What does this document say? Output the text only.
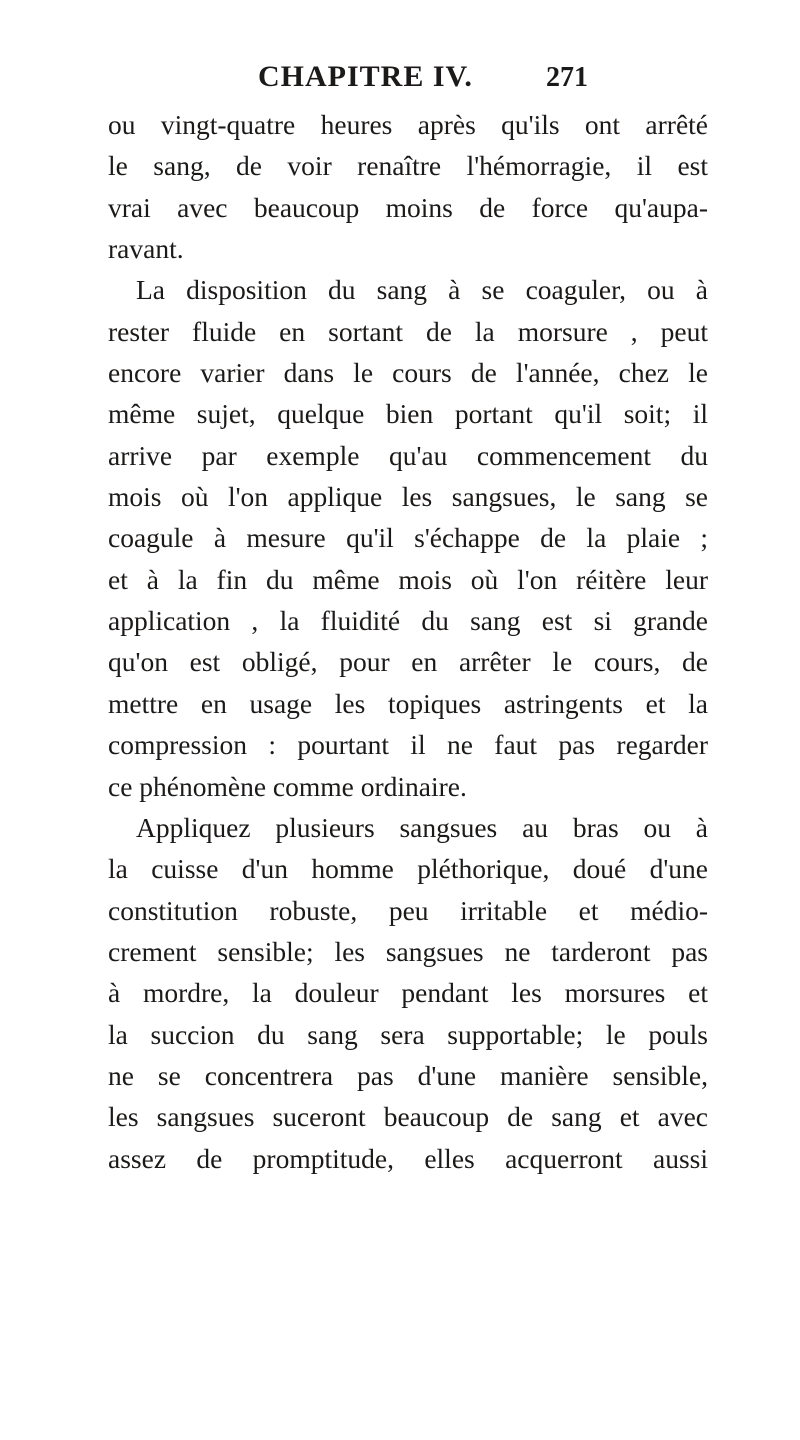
CHAPITRE IV.	271
ou vingt-quatre heures après qu'ils ont arrêté
le sang, de voir renaître l'hémorragie, il est
vrai avec beaucoup moins de force qu'aupa-
ravant.
La disposition du sang à se coaguler, ou à
rester fluide en sortant de la morsure , peut
encore varier dans le cours de l'année, chez le
même sujet, quelque bien portant qu'il soit; il
arrive par exemple qu'au commencement du
mois où l'on applique les sangsues, le sang se
coagule à mesure qu'il s'échappe de la plaie ;
et à la fin du même mois où l'on réitère leur
application , la fluidité du sang est si grande
qu'on est obligé, pour en arrêter le cours, de
mettre en usage les topiques astringents et la
compression : pourtant il ne faut pas regarder
ce phénomène comme ordinaire.
Appliquez plusieurs sangsues au bras ou à
la cuisse d'un homme pléthorique, doué d'une
constitution robuste, peu irritable et médio-
crement sensible; les sangsues ne tarderont pas
à mordre, la douleur pendant les morsures et
la succion du sang sera supportable; le pouls
ne se concentrera pas d'une manière sensible,
les sangsues suceront beaucoup de sang et avec
assez de promptitude, elles acquerront aussi
